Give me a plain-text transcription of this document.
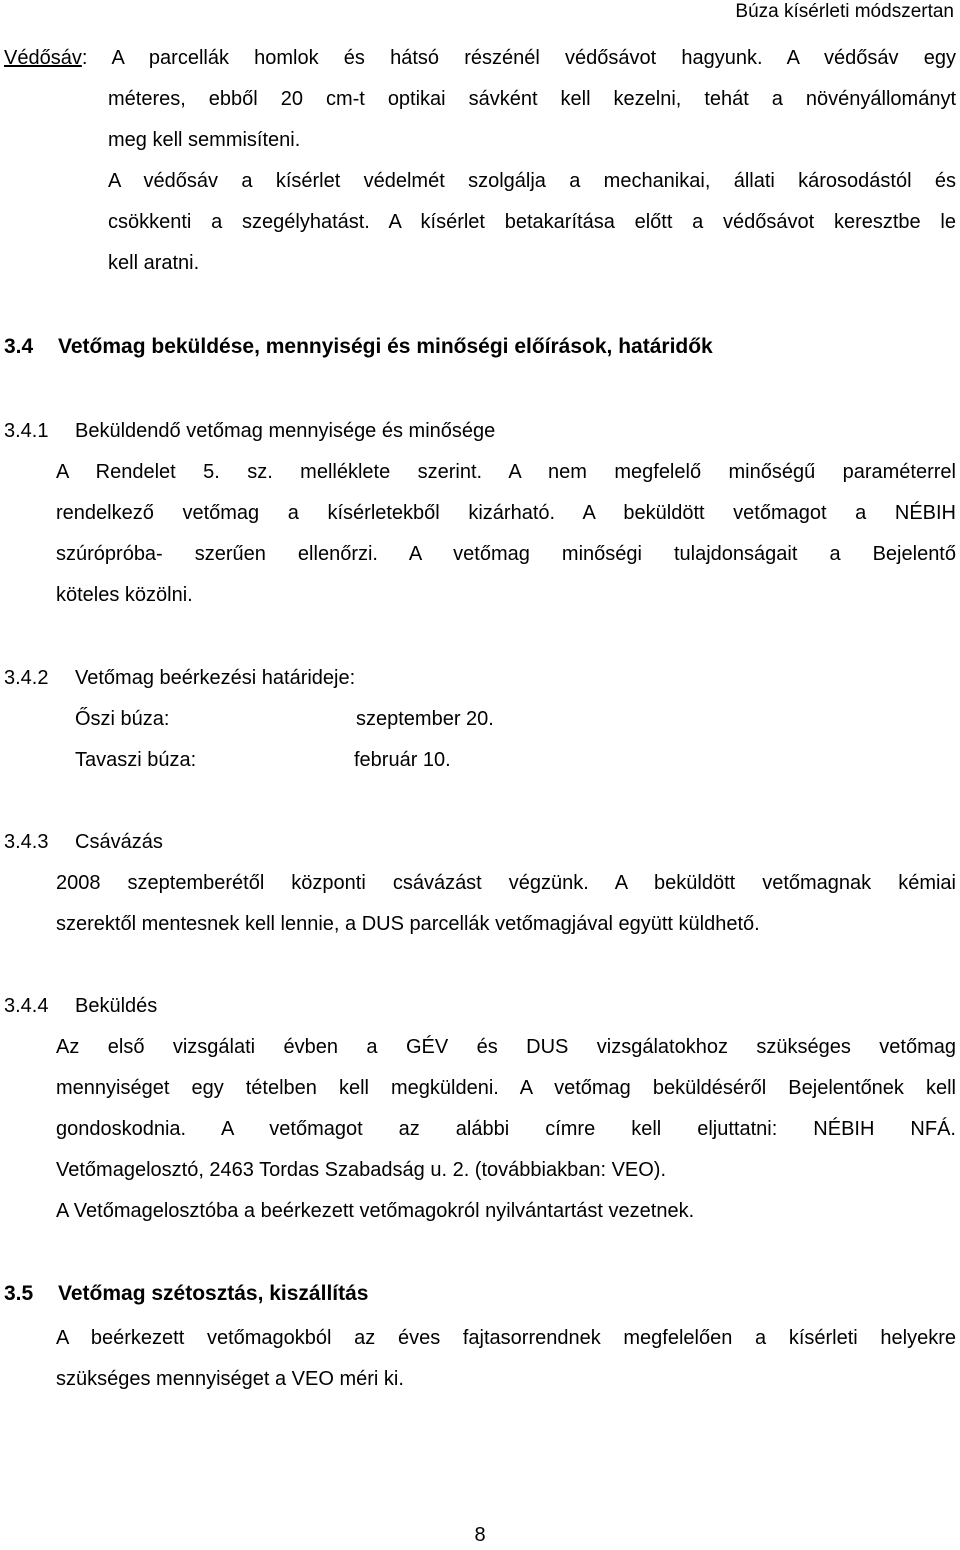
Búza kísérleti módszertan
Védősáv: A parcellák homlok és hátsó részénél védősávot hagyunk. A védősáv egy
méteres, ebből 20 cm-t optikai sávként kell kezelni, tehát a növényállományt
meg kell semmisíteni.
A védősáv a kísérlet védelmét szolgálja a mechanikai, állati károsodástól és
csökkenti a szegélyhatást. A kísérlet betakarítása előtt a védősávot keresztbe le
kell aratni.
3.4 Vetőmag beküldése, mennyiségi és minőségi előírások, határidők
3.4.1 Beküldendő vetőmag mennyisége és minősége
A Rendelet 5. sz. melléklete szerint. A nem megfelelő minőségű paraméterrel
rendelkező vetőmag a kísérletekből kizárható. A beküldött vetőmagot a NÉBIH
szúrópróba- szerűen ellenőrzi. A vetőmag minőségi tulajdonságait a Bejelentő
köteles közölni.
3.4.2 Vetőmag beérkezési határideje:
Őszi búza:	szeptember 20.
Tavaszi búza:	február 10.
3.4.3 Csávázás
2008 szeptemberétől központi csávázást végzünk. A beküldött vetőmagnak kémiai
szerektől mentesnek kell lennie, a DUS parcellák vetőmagjával együtt küldhető.
3.4.4 Beküldés
Az első vizsgálati évben a GÉV és DUS vizsgálatokhoz szükséges vetőmag
mennyiséget egy tételben kell megküldeni. A vetőmag beküldéséről Bejelentőnek kell
gondoskodnia. A vetőmagot az alábbi címre kell eljuttatni: NÉBIH NFÁ.
Vetőmagelosztó, 2463 Tordas Szabadság u. 2. (továbbiakban: VEO).
A Vetőmagelosztóba a beérkezett vetőmagokról nyilvántartást vezetnek.
3.5 Vetőmag szétosztás, kiszállítás
A beérkezett vetőmagokból az éves fajtasorrendnek megfelelően a kísérleti helyekre
szükséges mennyiséget a VEO méri ki.
8
